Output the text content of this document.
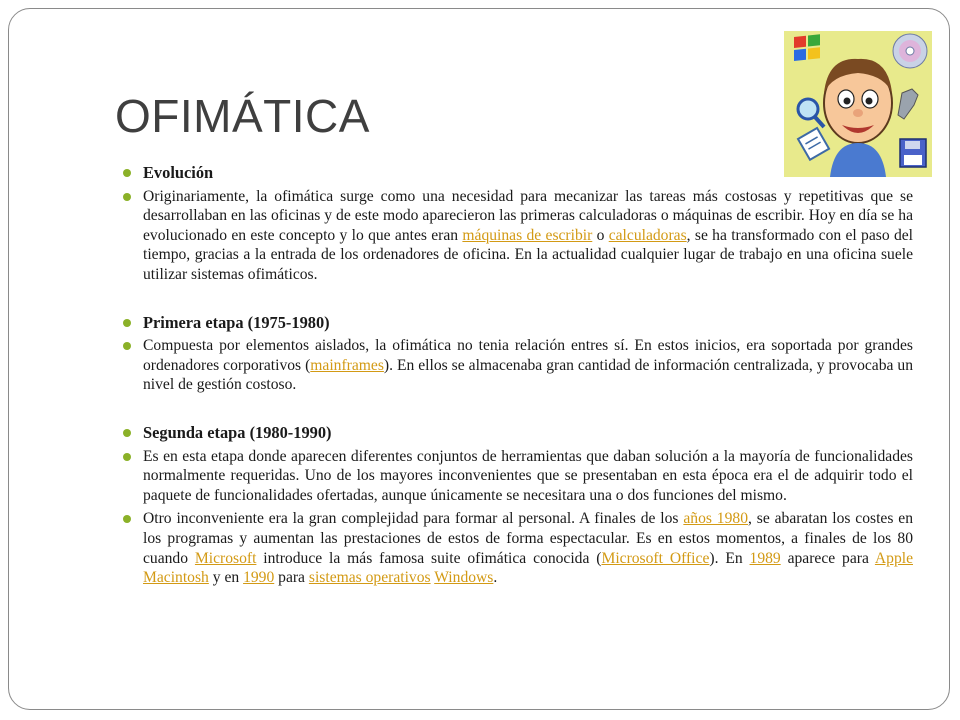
OFIMÁTICA
Evolución
Originariamente, la ofimática surge como una necesidad para mecanizar las tareas más costosas y repetitivas que se desarrollaban en las oficinas y de este modo aparecieron las primeras calculadoras o máquinas de escribir. Hoy en día se ha evolucionado en este concepto y lo que antes eran máquinas de escribir o calculadoras, se ha transformado con el paso del tiempo, gracias a la entrada de los ordenadores de oficina. En la actualidad cualquier lugar de trabajo en una oficina suele utilizar sistemas ofimáticos.
Primera etapa (1975-1980)
Compuesta por elementos aislados, la ofimática no tenia relación entres sí. En estos inicios, era soportada por grandes ordenadores corporativos (mainframes). En ellos se almacenaba gran cantidad de información centralizada, y provocaba un nivel de gestión costoso.
Segunda etapa (1980-1990)
Es en esta etapa donde aparecen diferentes conjuntos de herramientas que daban solución a la mayoría de funcionalidades normalmente requeridas. Uno de los mayores inconvenientes que se presentaban en esta época era el de adquirir todo el paquete de funcionalidades ofertadas, aunque únicamente se necesitara una o dos funciones del mismo.
Otro inconveniente era la gran complejidad para formar al personal. A finales de los años 1980, se abaratan los costes en los programas y aumentan las prestaciones de estos de forma espectacular. Es en estos momentos, a finales de los 80 cuando Microsoft introduce la más famosa suite ofimática conocida (Microsoft Office). En 1989 aparece para Apple Macintosh y en 1990 para sistemas operativos Windows.
